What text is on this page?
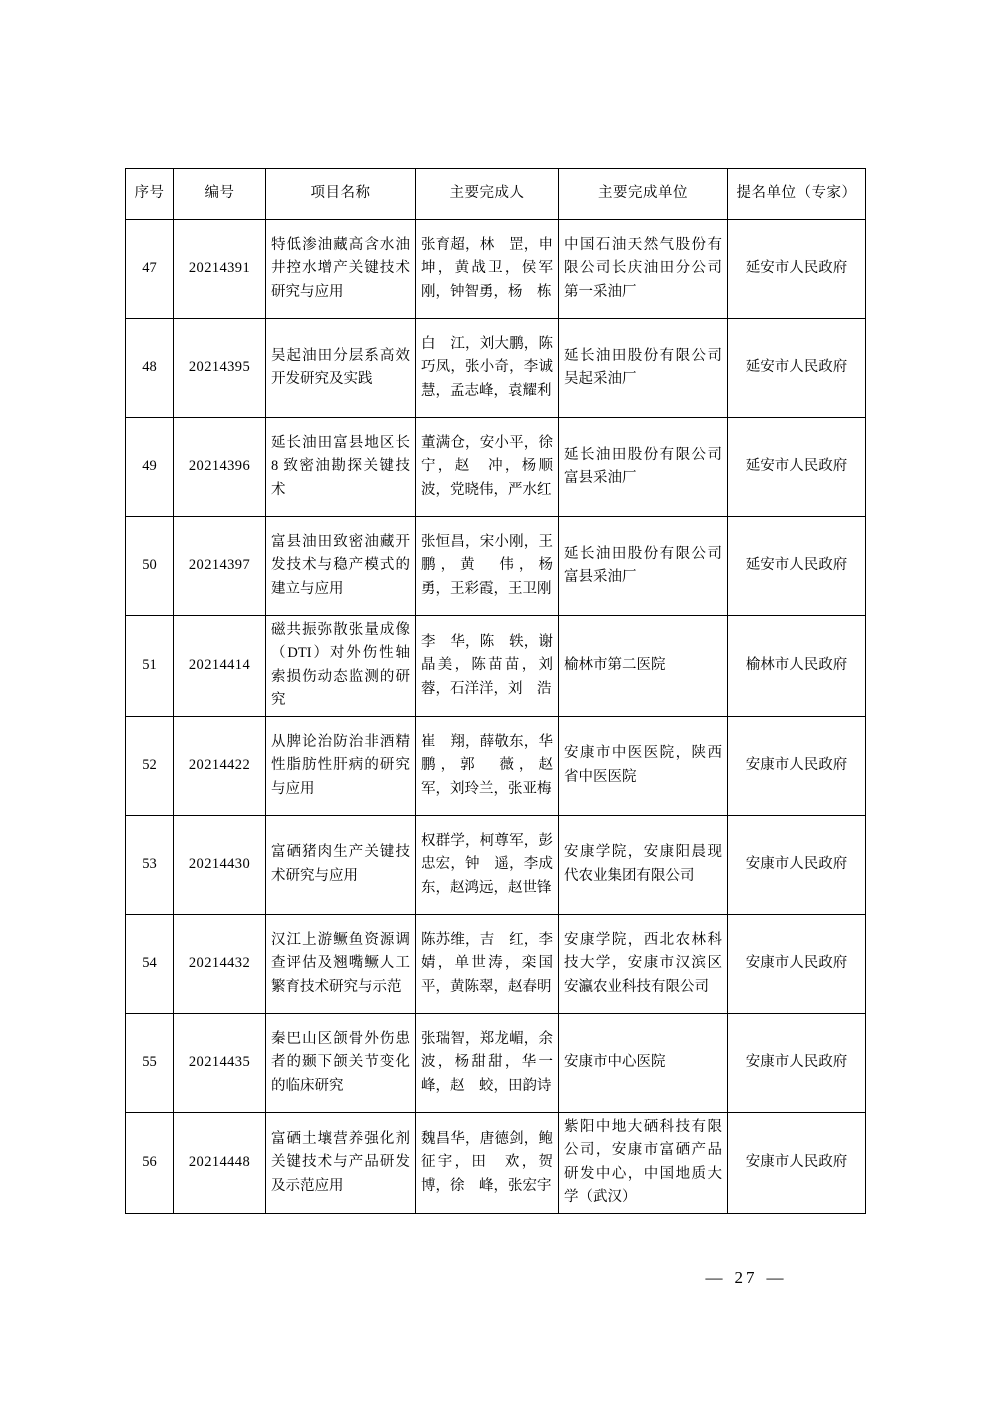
序号	编号	项目名称	主要完成人	主要完成单位	提名单位（专家）
47	20214391	特低渗油藏高含水油井控水增产关键技术研究与应用	张育超，林　罡，申　坤，黄战卫，侯军刚，钟智勇，杨　栋	中国石油天然气股份有限公司长庆油田分公司第一采油厂	延安市人民政府
48	20214395	吴起油田分层系高效开发研究及实践	白　江，刘大鹏，陈巧凤，张小奇，李诚慧，孟志峰，袁耀利	延长油田股份有限公司吴起采油厂	延安市人民政府
49	20214396	延长油田富县地区长 8 致密油勘探关键技术	董满仓，安小平，徐　宁，赵　冲，杨顺波，党晓伟，严水红	延长油田股份有限公司富县采油厂	延安市人民政府
50	20214397	富县油田致密油藏开发技术与稳产模式的建立与应用	张恒昌，宋小刚，王　鹏，黄　伟，杨　勇，王彩霞，王卫刚	延长油田股份有限公司富县采油厂	延安市人民政府
51	20214414	磁共振弥散张量成像（DTI）对外伤性轴索损伤动态监测的研究	李　华，陈　轶，谢晶美，陈苗苗，刘　蓉，石洋洋，刘　浩	榆林市第二医院	榆林市人民政府
52	20214422	从脾论治防治非酒精性脂肪性肝病的研究与应用	崔　翔，薛敬东，华　鹏，郭　薇，赵　军，刘玲兰，张亚梅	安康市中医医院，陕西省中医医院	安康市人民政府
53	20214430	富硒猪肉生产关键技术研究与应用	权群学，柯尊军，彭忠宏，钟　遥，李成东，赵鸿远，赵世锋	安康学院，安康阳晨现代农业集团有限公司	安康市人民政府
54	20214432	汉江上游鳜鱼资源调查评估及翘嘴鳜人工繁育技术研究与示范	陈苏维，吉　红，李　婧，单世涛，栾国平，黄陈翠，赵春明	安康学院，西北农林科技大学，安康市汉滨区安瀛农业科技有限公司	安康市人民政府
55	20214435	秦巴山区颌骨外伤患者的颞下颌关节变化的临床研究	张瑞智，郑龙嵋，余　波，杨甜甜，华一峰，赵　蛟，田韵诗	安康市中心医院	安康市人民政府
56	20214448	富硒土壤营养强化剂关键技术与产品研发及示范应用	魏昌华，唐德剑，鲍征宇，田　欢，贺　博，徐　峰，张宏宇	紫阳中地大硒科技有限公司，安康市富硒产品研发中心，中国地质大学（武汉）	安康市人民政府
— 27 —
